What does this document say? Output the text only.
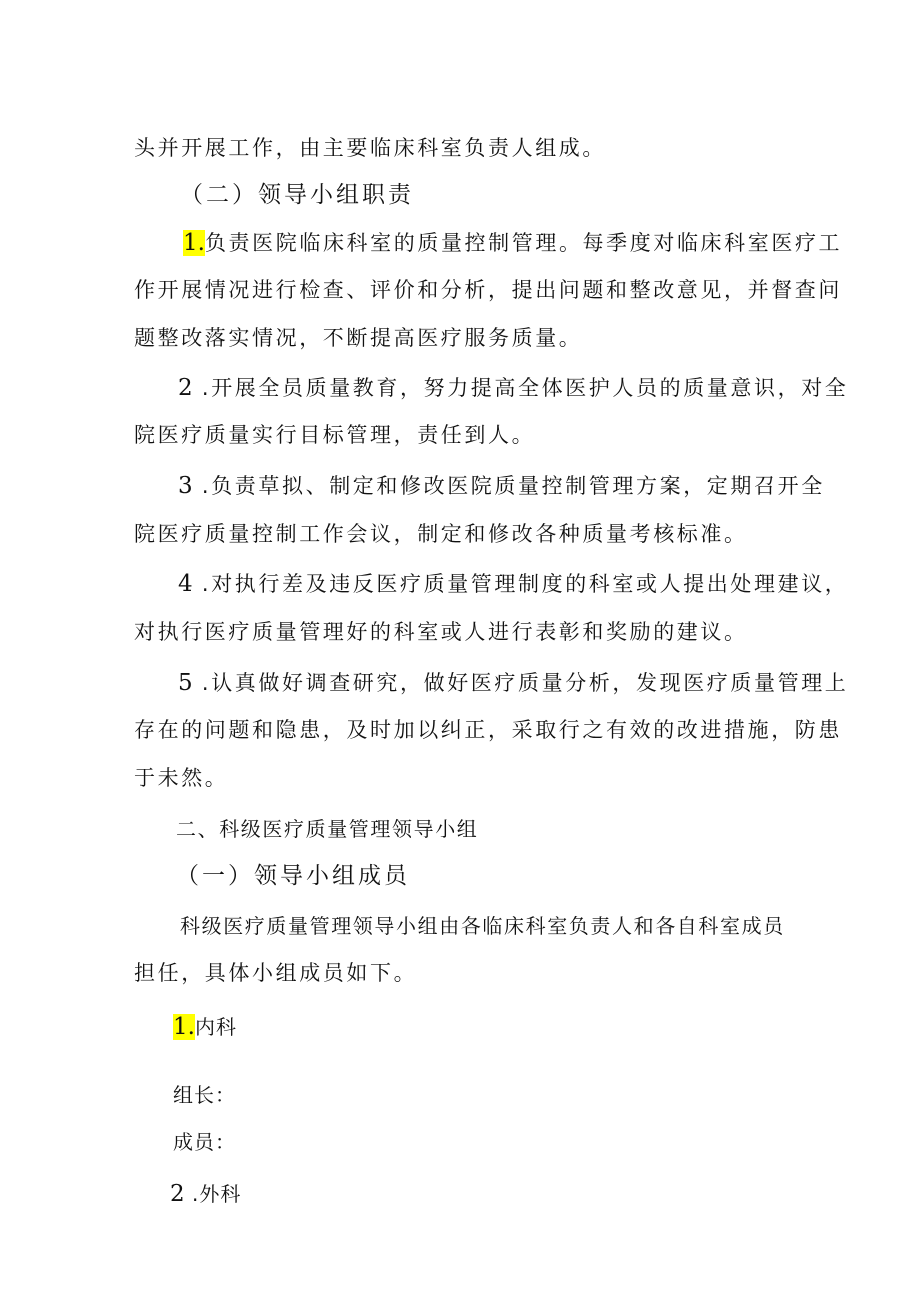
头并开展工作，由主要临床科室负责人组成。

（二）领导小组职责

1.负责医院临床科室的质量控制管理。每季度对临床科室医疗工

作开展情况进行检查、评价和分析，提出问题和整改意见，并督查问

题整改落实情况，不断提高医疗服务质量。

2 .开展全员质量教育，努力提高全体医护人员的质量意识，对全

院医疗质量实行目标管理，责任到人。

3 .负责草拟、制定和修改医院质量控制管理方案，定期召开全

院医疗质量控制工作会议，制定和修改各种质量考核标准。

4 .对执行差及违反医疗质量管理制度的科室或人提出处理建议，

对执行医疗质量管理好的科室或人进行表彰和奖励的建议。

5 .认真做好调查研究，做好医疗质量分析，发现医疗质量管理上

存在的问题和隐患，及时加以纠正，采取行之有效的改进措施，防患

于未然。

二、科级医疗质量管理领导小组

（一）领导小组成员

科级医疗质量管理领导小组由各临床科室负责人和各自科室成员

担任，具体小组成员如下。

1.内科

组长：

成员：

2 .外科
